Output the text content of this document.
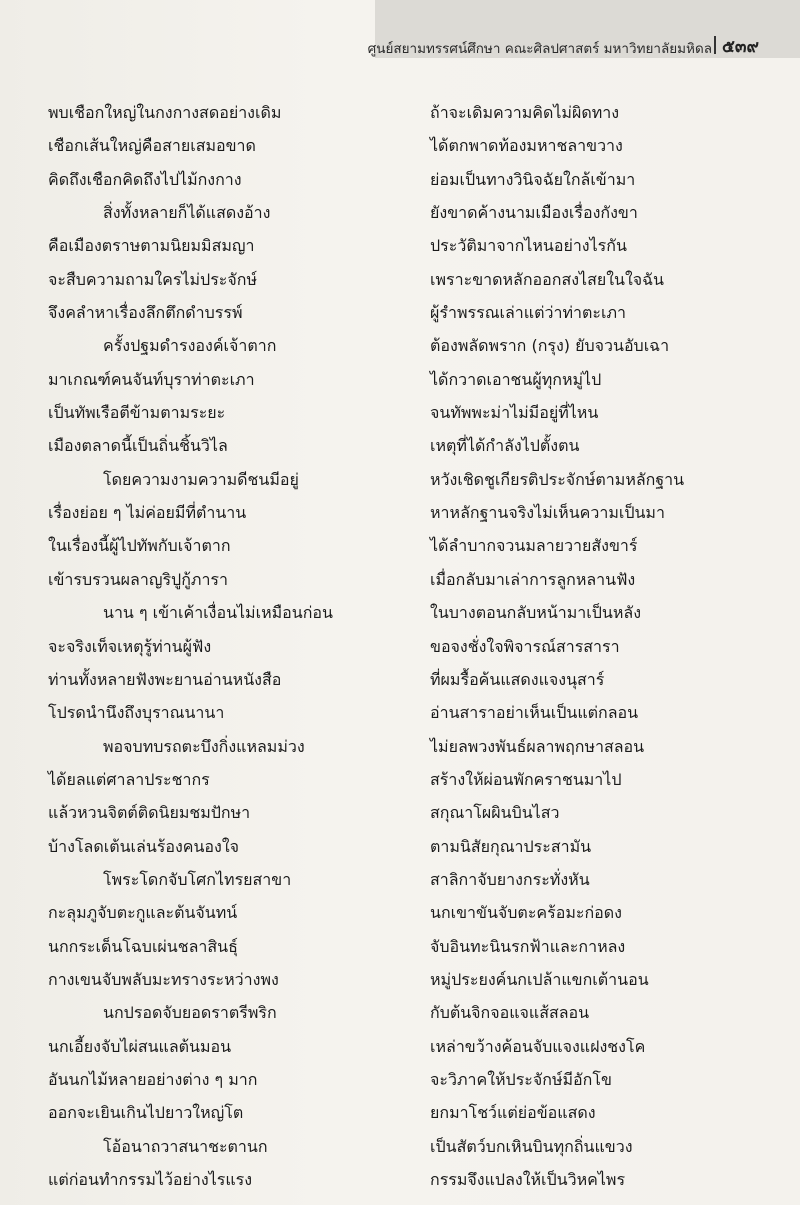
ศูนย์สยามทรรศน์ศึกษา คณะศิลปศาสตร์ มหาวิทยาลัยมหิดล ๕๓๙
พบเชือกใหญ่ในกงกางสดอย่างเดิม
เชือกเส้นใหญ่คือสายเสมอขาด
คิดถึงเชือกคิดถึงไปไม้กงกาง
สิ่งทั้งหลายก็ได้แสดงอ้าง
คือเมืองตราษตามนิยมมิสมญา
จะสืบความถามใครไม่ประจักษ์
จึงคลำหาเรื่องลึกตึกดำบรรพ์
ครั้งปฐมดำรงองค์เจ้าตาก
มาเกณฑ์คนจันท์บุราท่าตะเภา
เป็นทัพเรือตีข้ามตามระยะ
เมืองตลาดนี้เป็นถิ่นชิ้นวิไล
โดยความงามความดีชนมีอยู่
เรื่องย่อย ๆ ไม่ค่อยมีที่ตำนาน
ในเรื่องนี้ผู้ไปทัพกับเจ้าตาก
เข้ารบรวนผลาญริปูกู้ภารา
นาน ๆ เข้าเค้าเงื่อนไม่เหมือนก่อน
จะจริงเท็จเหตุรู้ท่านผู้ฟัง
ท่านทั้งหลายฟังพะยานอ่านหนังสือ
โปรดนำนึงถึงบุราณนานา
พอจบทบรถตะบึงกิ่งแหลมม่วง
ได้ยลแต่ศาลาประชากร
แล้วหวนจิตต์ติดนิยมชมปักษา
บ้างโลดเต้นเล่นร้องคนองใจ
โพระโดกจับโศกไทรยสาขา
กะลุมภูจับตะกูและต้นจันทน์
นกกระเด็นโฉบเผ่นชลาสินธุ์
กางเขนจับพลับมะทรางระหว่างพง
นกปรอดจับยอดราตรีพริก
นกเอี้ยงจับไผ่สนแลต้นมอน
อันนกไม้หลายอย่างต่าง ๆ มาก
ออกจะเยินเกินไปยาวใหญ่โต
โอ้อนาถวาสนาชะตานก
แต่ก่อนทำกรรมไว้อย่างไรแรง
ถ้าจะเดิมความคิดไม่ผิดทาง
ได้ตกพาดท้องมหาชลาขวาง
ย่อมเป็นทางวินิจฉัยใกล้เข้ามา
ยังขาดค้างนามเมืองเรื่องกังขา
ประวัติมาจากไหนอย่างไรกัน
เพราะขาดหลักออกสงไสยในใจฉัน
ผู้รำพรรณเล่าแต่ว่าท่าตะเภา
ต้องพลัดพราก (กรุง) ยับจวนอับเฉา
ได้กวาดเอาชนผู้ทุกหมู่ไป
จนทัพพะม่าไม่มีอยู่ที่ไหน
เหตุที่ได้กำลังไปตั้งตน
หวังเชิดชูเกียรติประจักษ์ตามหลักฐาน
หาหลักฐานจริงไม่เห็นความเป็นมา
ได้ลำบากจวนมลายวายสังขาร์
เมื่อกลับมาเล่าการลูกหลานฟัง
ในบางตอนกลับหน้ามาเป็นหลัง
ขอจงชั่งใจพิจารณ์สารสารา
ที่ผมรื้อค้นแสดงแจงนุสาร์
อ่านสาราอย่าเห็นเป็นแต่กลอน
ไม่ยลพวงพันธ์ผลาพฤกษาสลอน
สร้างให้ผ่อนพักคราชนมาไป
สกุณาโผผินบินไสว
ตามนิสัยกุณาประสามัน
สาลิกาจับยางกระทั่งหัน
นกเขาขันจับตะคร้อมะก่อดง
จับอินทะนินรกฟ้าและกาหลง
หมู่ประยงค์นกเปล้าแขกเต้านอน
กับต้นจิกจอแจแส้สลอน
เหล่าขว้างค้อนจับแจงแฝงชงโค
จะวิภาคให้ประจักษ์มีอักโข
ยกมาโชว์แต่ย่อข้อแสดง
เป็นสัตว์บกเหินบินทุกถิ่นแขวง
กรรมจึงแปลงให้เป็นวิหคไพร
